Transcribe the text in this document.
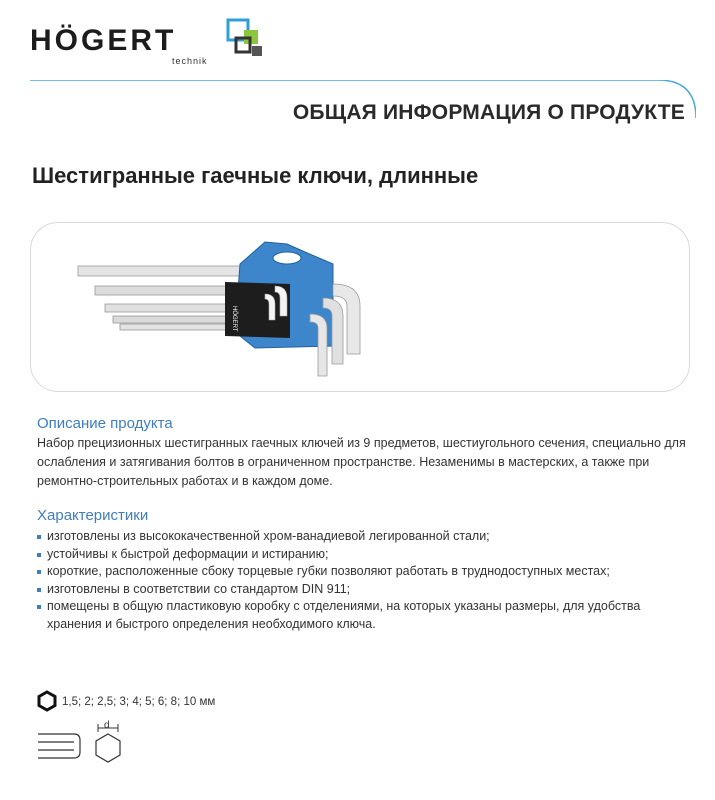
HÖGERT
technik
ОБЩАЯ ИНФОРМАЦИЯ О ПРОДУКТЕ
Шестигранные гаечные ключи, длинные
HÖGERT
Описание продукта
Набор прецизионных шестигранных гаечных ключей из 9 предметов, шестиугольного сечения, специально для ослабления и затягивания болтов в ограниченном пространстве. Незаменимы в мастерских, а также при ремонтно-строительных работах и в каждом доме.
Характеристики
изготовлены из высококачественной хром-ванадиевой легированной стали;
устойчивы к быстрой деформации и истиранию;
короткие, расположенные сбоку торцевые губки позволяют работать в труднодоступных местах;
изготовлены в соответствии со стандартом DIN 911;
помещены в общую пластиковую коробку с отделениями, на которых указаны размеры, для удобства хранения и быстрого определения необходимого ключа.
1,5; 2; 2,5; 3; 4; 5; 6; 8; 10 мм
d
